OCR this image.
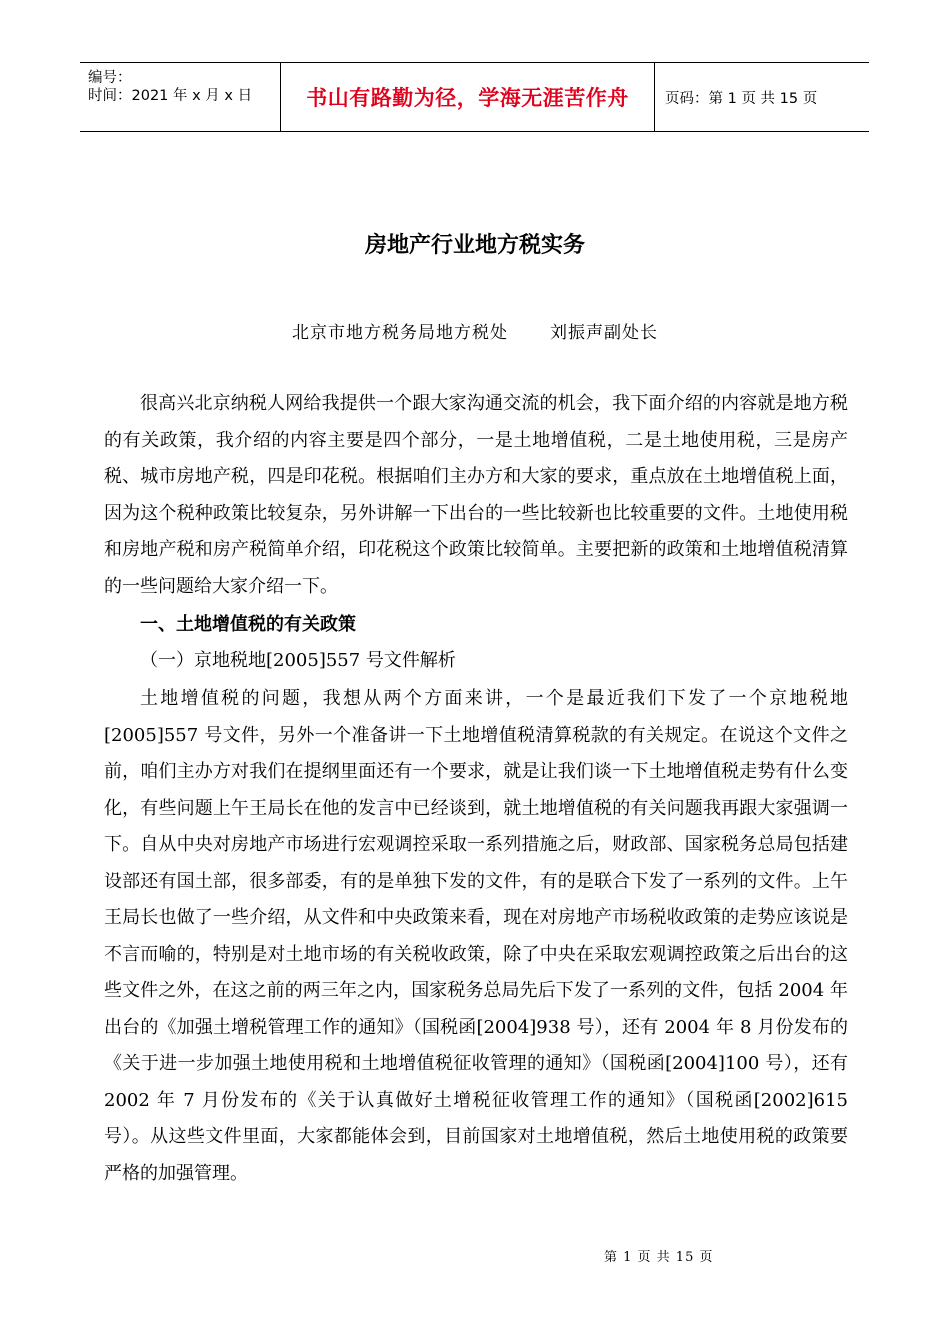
编号：
时间：2021 年 x 月 x 日	书山有路勤为径，学海无涯苦作舟	页码：第 1 页 共 15 页
房地产行业地方税实务
北京市地方税务局地方税处 刘振声副处长
很高兴北京纳税人网给我提供一个跟大家沟通交流的机会，我下面介绍的内容就是地方税的有关政策，我介绍的内容主要是四个部分，一是土地增值税，二是土地使用税，三是房产税、城市房地产税，四是印花税。根据咱们主办方和大家的要求，重点放在土地增值税上面，因为这个税种政策比较复杂，另外讲解一下出台的一些比较新也比较重要的文件。土地使用税和房地产税和房产税简单介绍，印花税这个政策比较简单。主要把新的政策和土地增值税清算的一些问题给大家介绍一下。
一、土地增值税的有关政策
（一）京地税地[2005]557 号文件解析
土地增值税的问题，我想从两个方面来讲，一个是最近我们下发了一个京地税地[2005]557 号文件，另外一个准备讲一下土地增值税清算税款的有关规定。在说这个文件之前，咱们主办方对我们在提纲里面还有一个要求，就是让我们谈一下土地增值税走势有什么变化，有些问题上午王局长在他的发言中已经谈到，就土地增值税的有关问题我再跟大家强调一下。自从中央对房地产市场进行宏观调控采取一系列措施之后，财政部、国家税务总局包括建设部还有国土部，很多部委，有的是单独下发的文件，有的是联合下发了一系列的文件。上午王局长也做了一些介绍，从文件和中央政策来看，现在对房地产市场税收政策的走势应该说是不言而喻的，特别是对土地市场的有关税收政策，除了中央在采取宏观调控政策之后出台的这些文件之外，在这之前的两三年之内，国家税务总局先后下发了一系列的文件，包括 2004 年出台的《加强土增税管理工作的通知》（国税函[2004]938 号），还有 2004 年 8 月份发布的《关于进一步加强土地使用税和土地增值税征收管理的通知》（国税函[2004]100 号），还有 2002 年 7 月份发布的《关于认真做好土增税征收管理工作的通知》（国税函[2002]615 号）。从这些文件里面，大家都能体会到，目前国家对土地增值税，然后土地使用税的政策要严格的加强管理。
第 1 页 共 15 页
